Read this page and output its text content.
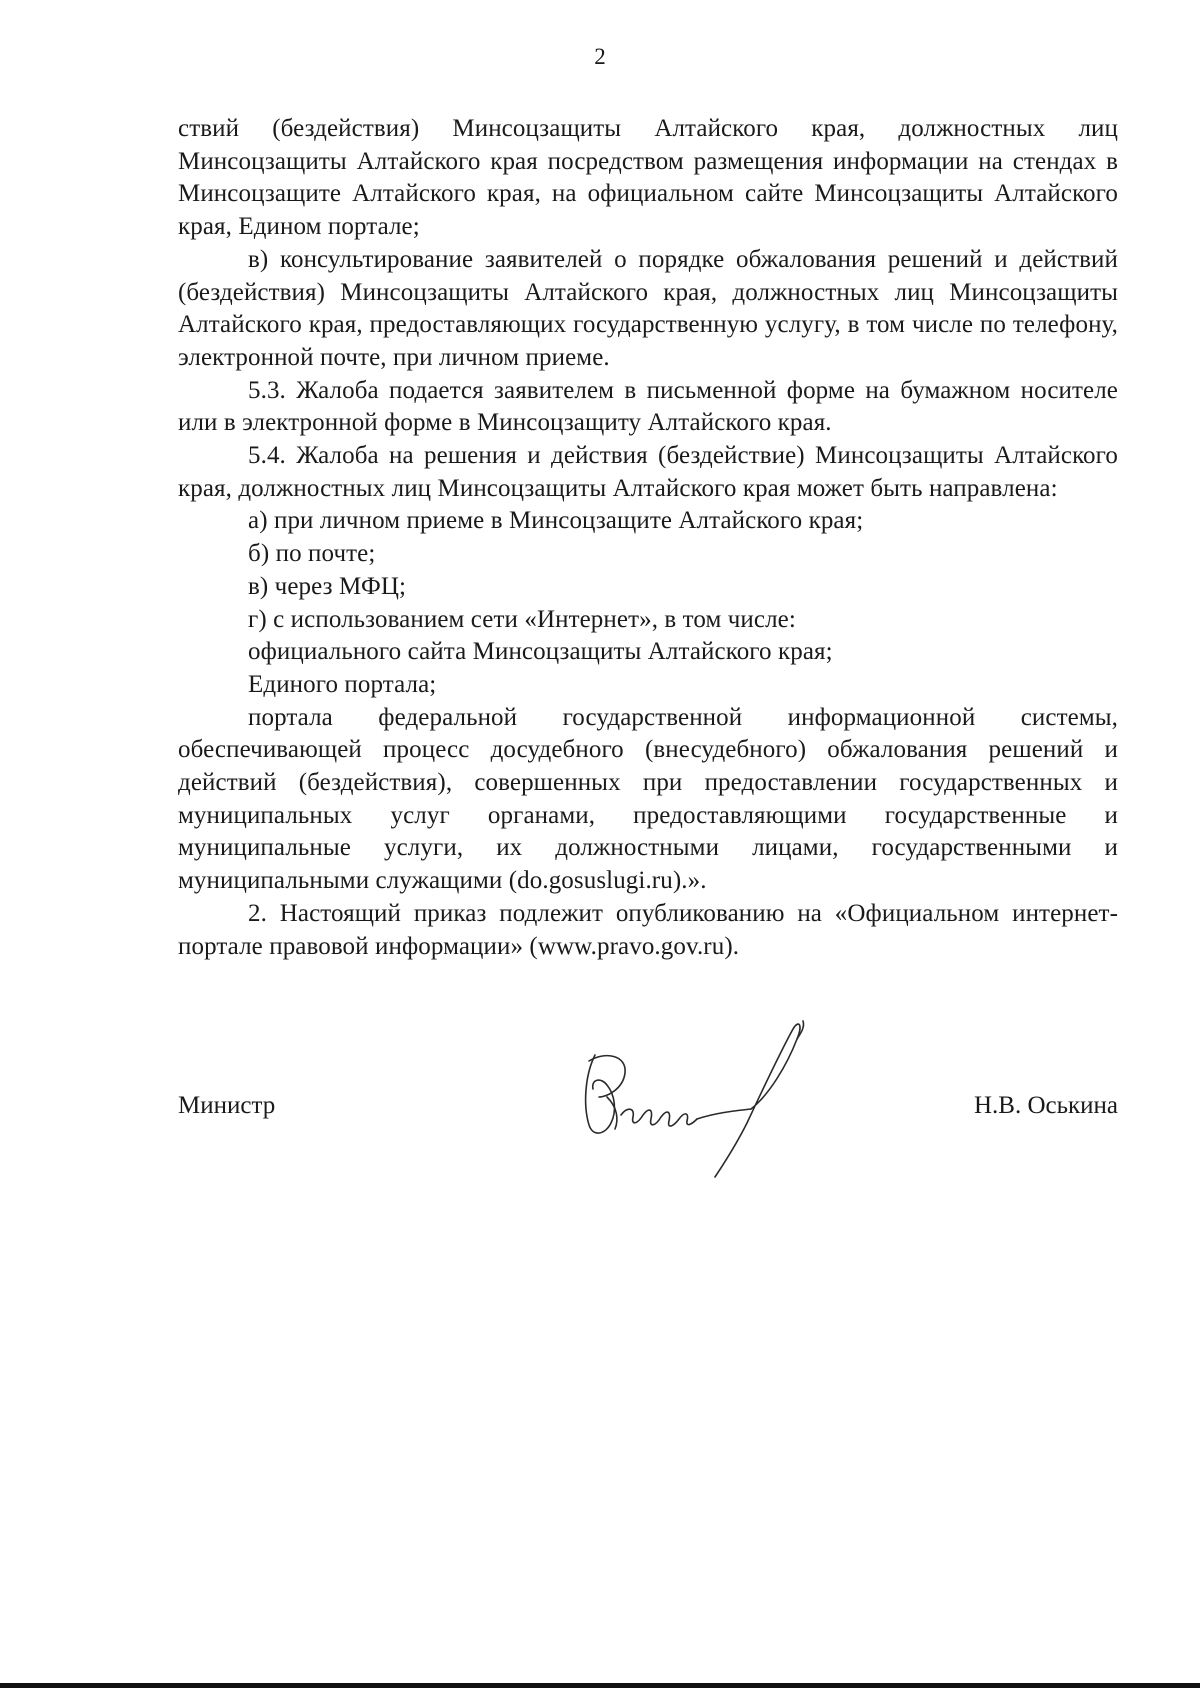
2

ствий (бездействия) Минсоцзащиты Алтайского края, должностных лиц Минсоцзащиты Алтайского края посредством размещения информации на стендах в Минсоцзащите Алтайского края, на официальном сайте Минсоцзащиты Алтайского края, Едином портале;

в) консультирование заявителей о порядке обжалования решений и действий (бездействия) Минсоцзащиты Алтайского края, должностных лиц Минсоцзащиты Алтайского края, предоставляющих государственную услугу, в том числе по телефону, электронной почте, при личном приеме.

5.3. Жалоба подается заявителем в письменной форме на бумажном носителе или в электронной форме в Минсоцзащиту Алтайского края.

5.4. Жалоба на решения и действия (бездействие) Минсоцзащиты Алтайского края, должностных лиц Минсоцзащиты Алтайского края может быть направлена:

а) при личном приеме в Минсоцзащите Алтайского края;

б) по почте;

в) через МФЦ;

г) с использованием сети «Интернет», в том числе:

официального сайта Минсоцзащиты Алтайского края;

Единого портала;

портала федеральной государственной информационной системы, обеспечивающей процесс досудебного (внесудебного) обжалования решений и действий (бездействия), совершенных при предоставлении государственных и муниципальных услуг органами, предоставляющими государственные и муниципальные услуги, их должностными лицами, государственными и муниципальными служащими (do.gosuslugi.ru).».

2. Настоящий приказ подлежит опубликованию на «Официальном интернет-портале правовой информации» (www.pravo.gov.ru).

Министр	Н.В. Оськина
